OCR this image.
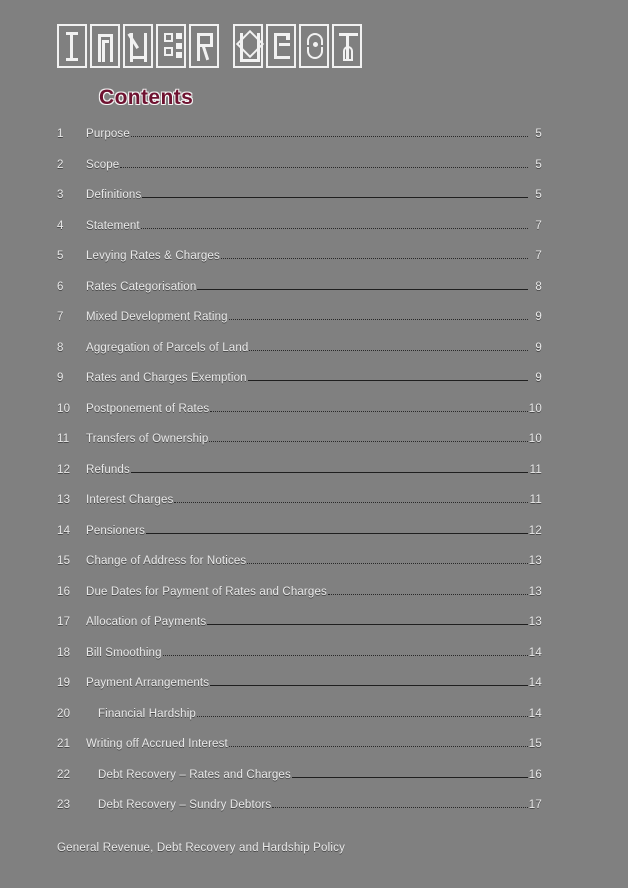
Contents
1	Purpose	5
2	Scope	5
3	Definitions	5
4	Statement	7
5	Levying Rates & Charges	7
6	Rates Categorisation	8
7	Mixed Development Rating	9
8	Aggregation of Parcels of Land	9
9	Rates and Charges Exemption	9
10	Postponement of Rates	10
11	Transfers of Ownership	10
12	Refunds	11
13	Interest Charges	11
14	Pensioners	12
15	Change of Address for Notices	13
16	Due Dates for Payment of Rates and Charges	13
17	Allocation of Payments	13
18	Bill Smoothing	14
19	Payment Arrangements	14
20	Financial Hardship	14
21	Writing off Accrued Interest	15
22	Debt Recovery – Rates and Charges	16
23	Debt Recovery – Sundry Debtors	17
General Revenue, Debt Recovery and Hardship Policy
